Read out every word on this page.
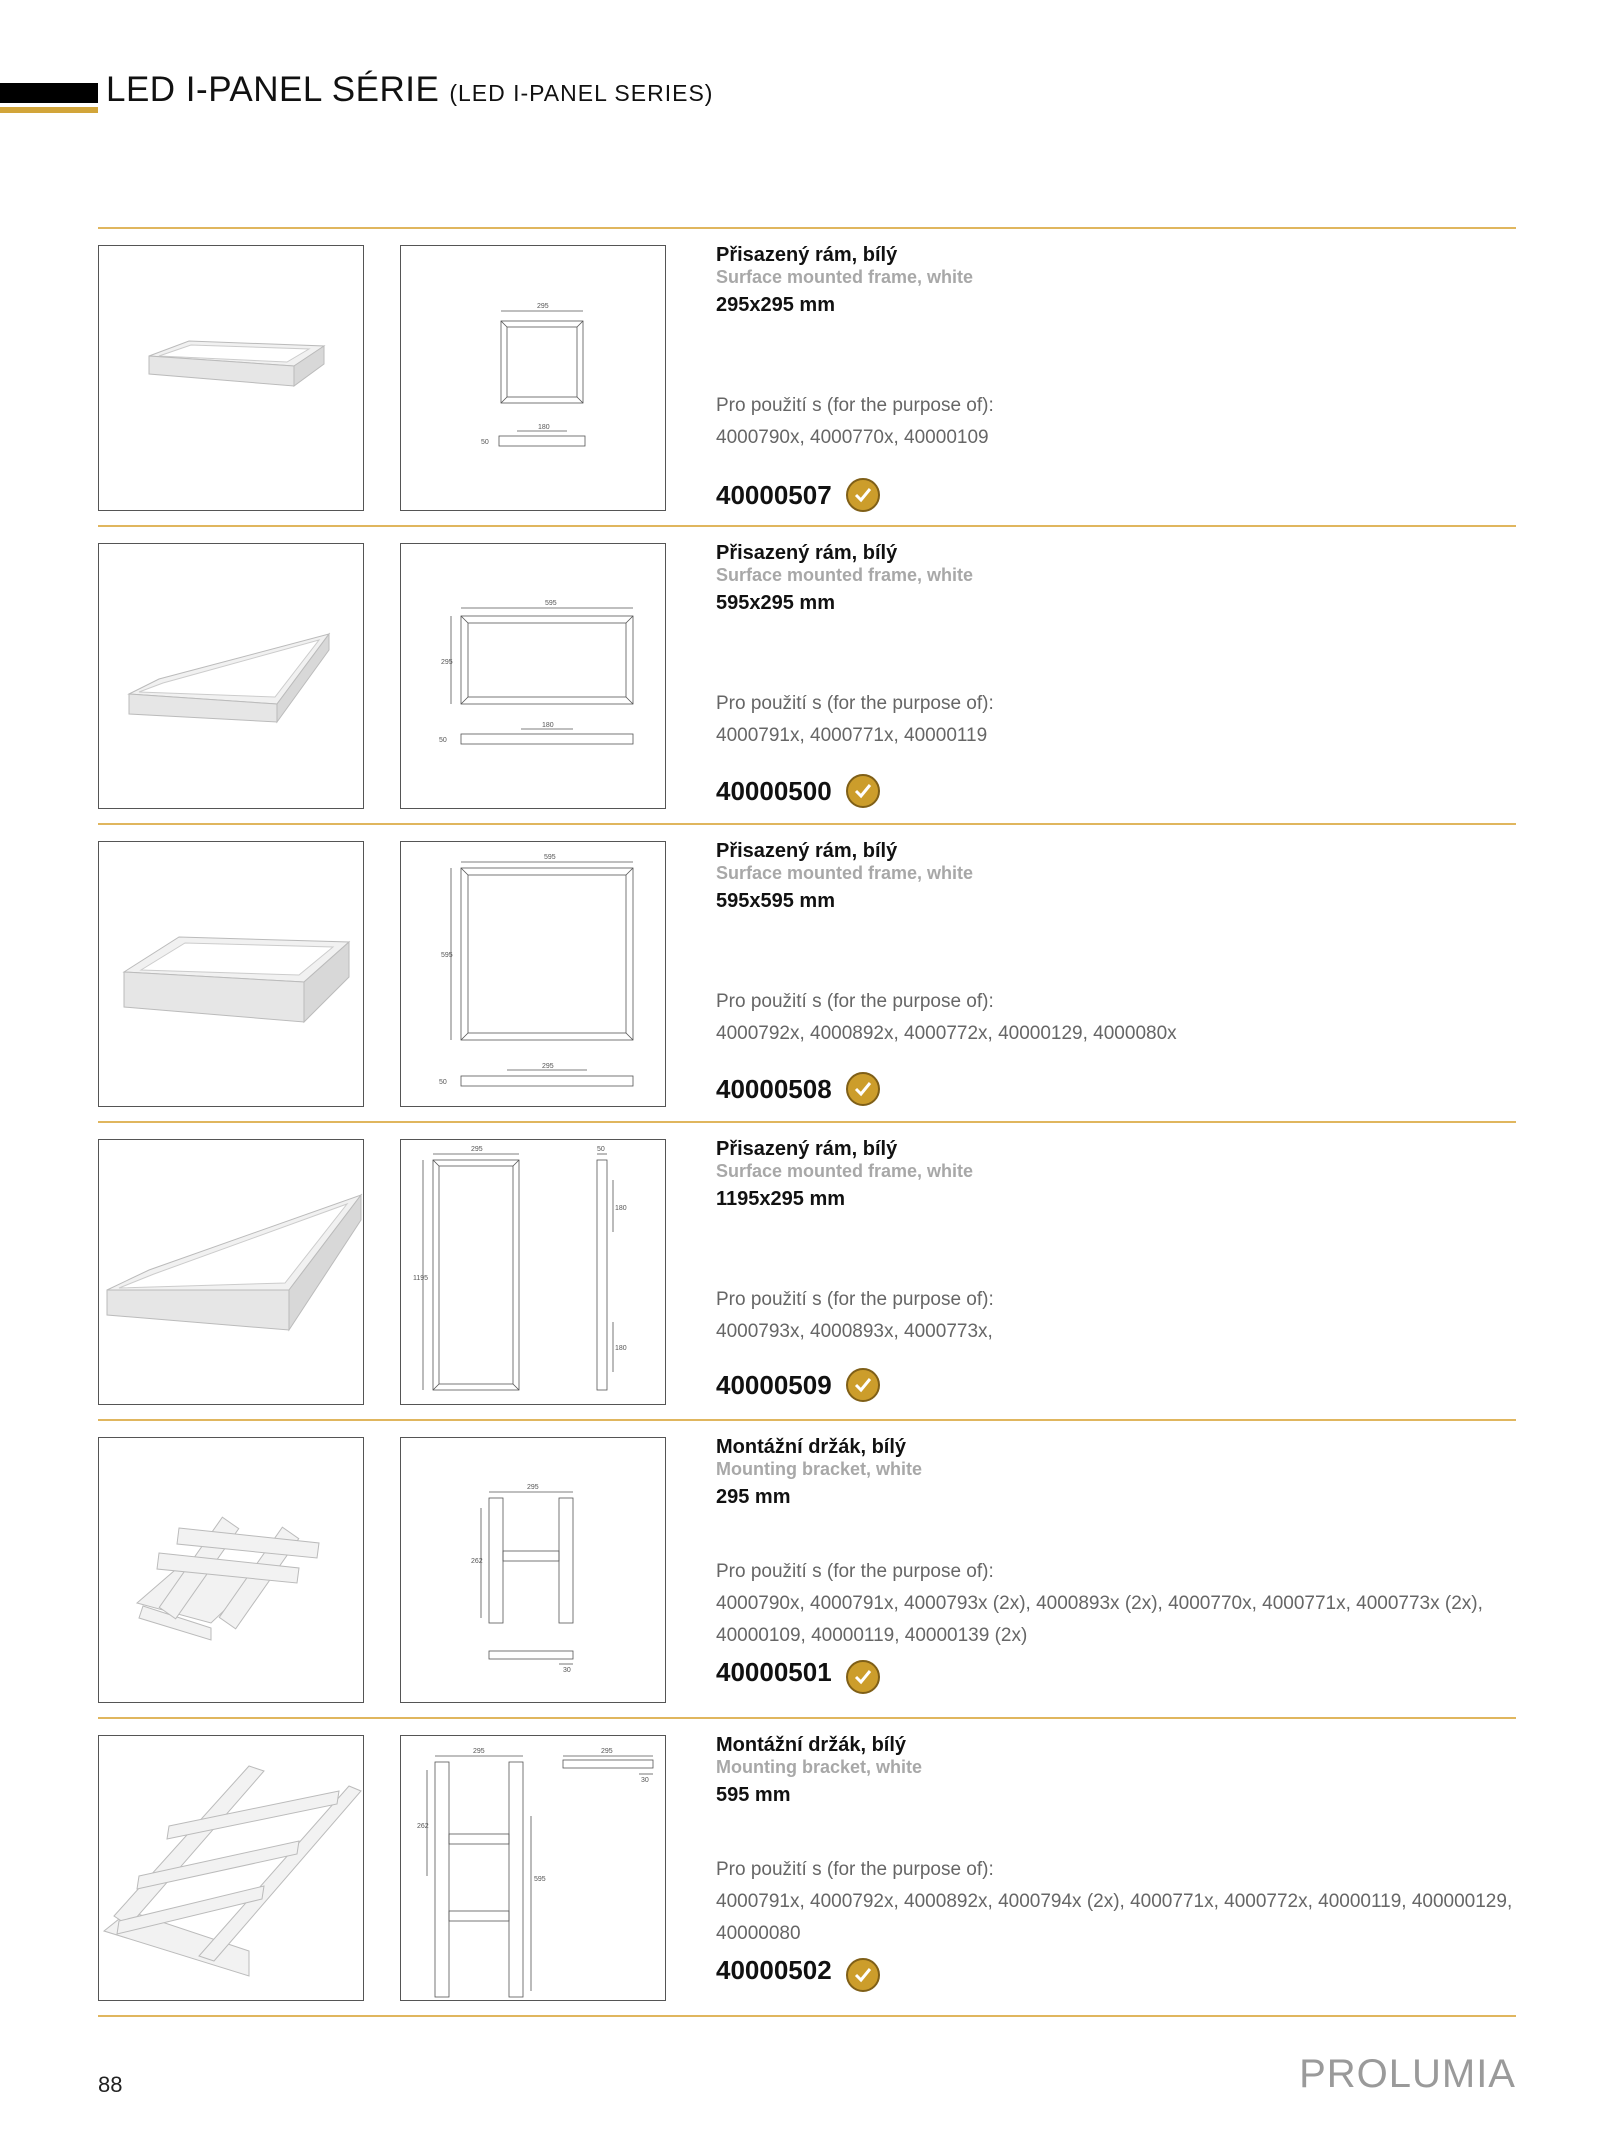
LED I-PANEL SÉRIE (LED I-PANEL SERIES)
295
180
50
Přisazený rám, bílý
Surface mounted frame, white
295x295 mm
Pro použití s (for the purpose of):
4000790x, 4000770x, 40000109
40000507
595
295
180
50
Přisazený rám, bílý
Surface mounted frame, white
595x295 mm
Pro použití s (for the purpose of):
4000791x, 4000771x, 40000119
40000500
595
595
295
50
Přisazený rám, bílý
Surface mounted frame, white
595x595 mm
Pro použití s (for the purpose of):
4000792x, 4000892x, 4000772x, 40000129, 4000080x
40000508
295
1195
50
180
180
Přisazený rám, bílý
Surface mounted frame, white
1195x295 mm
Pro použití s (for the purpose of):
4000793x, 4000893x, 4000773x,
40000509
295
262
30
Montážní držák, bílý
Mounting bracket, white
295 mm
Pro použití s (for the purpose of):
4000790x, 4000791x, 4000793x (2x), 4000893x (2x), 4000770x, 4000771x, 4000773x (2x), 40000109, 40000119, 40000139 (2x)
40000501
295	295
262
595
30
Montážní držák, bílý
Mounting bracket, white
595 mm
Pro použití s (for the purpose of):
4000791x, 4000792x, 4000892x, 4000794x (2x), 4000771x, 4000772x, 40000119, 400000129, 40000080
40000502
88	PROLUMIA
